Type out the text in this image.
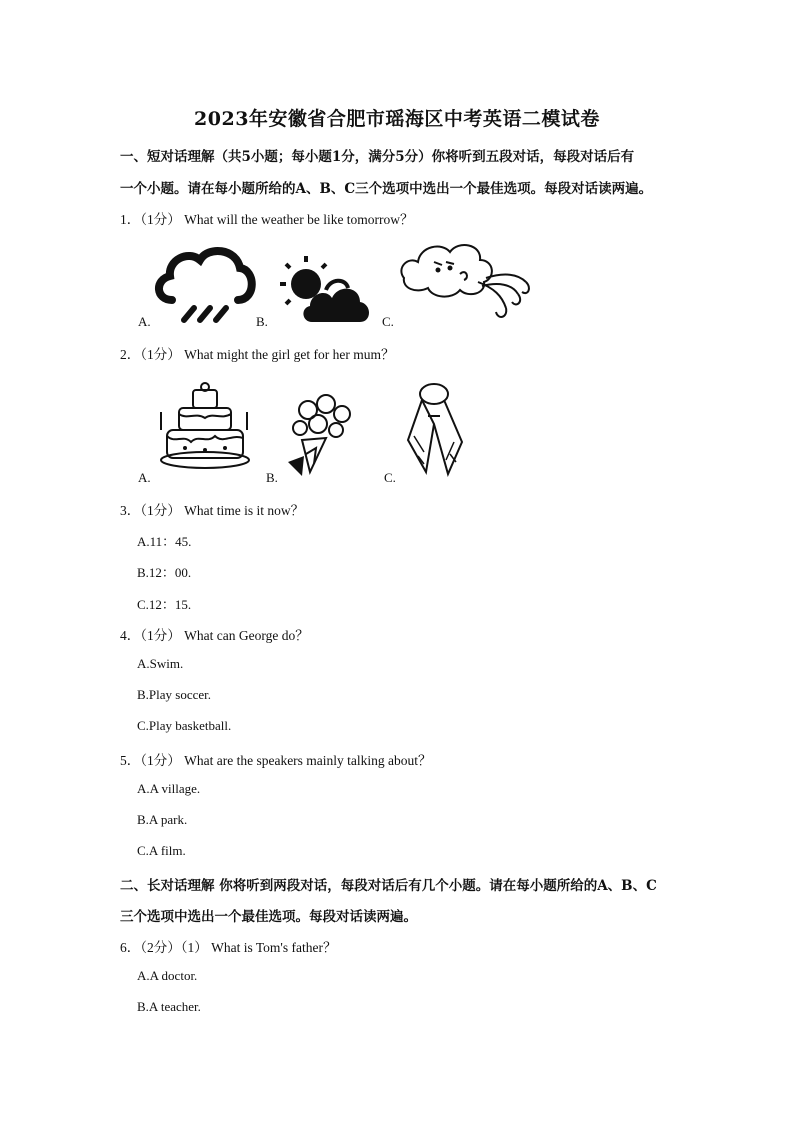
2023年安徽省合肥市瑶海区中考英语二模试卷
一、短对话理解（共5小题；每小题1分，满分5分）你将听到五段对话，每段对话后有
一个小题。请在每小题所给的A、B、C三个选项中选出一个最佳选项。每段对话读两遍。
1．（1分） What will the weather be like tomorrow？
A.	B.	C.
2．（1分） What might the girl get for her mum？
A.	B.	C.
3．（1分） What time is it now？
A.11：45.
B.12：00.
C.12：15.
4．（1分） What can George do？
A.Swim.
B.Play soccer.
C.Play basketball.
5．（1分） What are the speakers mainly talking about？
A.A village.
B.A park.
C.A film.
二、长对话理解 你将听到两段对话，每段对话后有几个小题。请在每小题所给的A、B、C
三个选项中选出一个最佳选项。每段对话读两遍。
6．（2分）（1） What is Tom's father？
A.A doctor.
B.A teacher.
